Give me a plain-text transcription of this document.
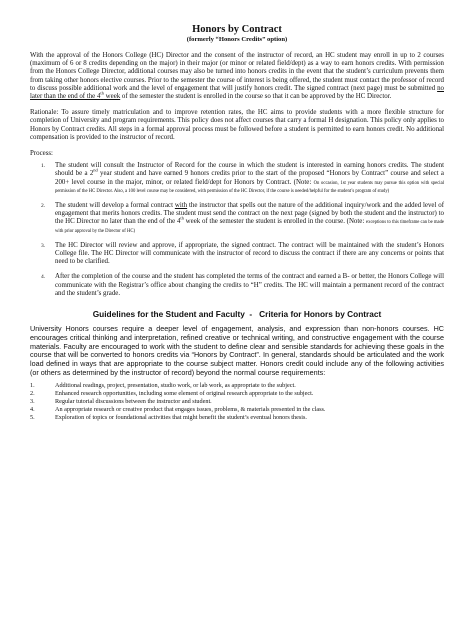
Honors by Contract
(formerly “Honors Credits” option)

With the approval of the Honors College (HC) Director and the consent of the instructor of record, an HC student may enroll in up to 2 courses (maximum of 6 or 8 credits depending on the major) in their major (or minor or related field/dept) as a way to earn honors credits. With permission from the Honors College Director, additional courses may also be turned into honors credits in the event that the student’s curriculum prevents them from taking other honors elective courses. Prior to the semester the course of interest is being offered, the student must contact the professor of record to discuss possible additional work and the level of engagement that will justify honors credit. The signed contract (next page) must be submitted no later than the end of the 4th week of the semester the student is enrolled in the course so that it can be approved by the HC Director.

Rationale: To assure timely matriculation and to improve retention rates, the HC aims to provide students with a more flexible structure for completion of University and program requirements. This policy does not affect courses that carry a formal H designation. This policy only applies to Honors by Contract credits. All steps in a formal approval process must be followed before a student is permitted to earn honors credit. No additional compensation is provided to the instructor of record.

Process:
1. The student will consult the Instructor of Record for the course in which the student is interested in earning honors credits. The student should be a 2nd year student and have earned 9 honors credits prior to the start of the proposed “Honors by Contract” course and select a 200+ level course in the major, minor, or related field/dept for Honors by Contract. (Note: On occasion, 1st year students may pursue this option with special permission of the HC Director. Also, a 100 level course may be considered, with permission of the HC Director, if the course is needed/helpful for the student’s program of study)

2. The student will develop a formal contract with the instructor that spells out the nature of the additional inquiry/work and the added level of engagement that merits honors credits. The student must send the contract on the next page (signed by both the student and the instructor) to the HC Director no later than the end of the 4th week of the semester the student is enrolled in the course. (Note: exceptions to this timeframe can be made with prior approval by the Director of HC)

3. The HC Director will review and approve, if appropriate, the signed contract. The contract will be maintained with the student’s Honors College file. The HC Director will communicate with the instructor of record to discuss the contract if there are any concerns or points that need to be clarified.

4. After the completion of the course and the student has completed the terms of the contract and earned a B- or better, the Honors College will communicate with the Registrar’s office about changing the credits to “H” credits. The HC will maintain a permanent record of the contract and the student’s grade.

Guidelines for the Student and Faculty  -   Criteria for Honors by Contract

University Honors courses require a deeper level of engagement, analysis, and expression than non-honors courses. HC encourages critical thinking and interpretation, refined creative or technical writing, and constructive engagement with the course materials. Faculty are encouraged to work with the student to define clear and sensible standards for achieving these goals in the course that will be converted to honors credits via “Honors by Contract”. In general, standards should be articulated and the work load defined in ways that are appropriate to the course subject matter. Honors credit could include any of the following activities (or others as determined by the instructor of record) beyond the normal course requirements:

1.	Additional readings, project, presentation, studio work, or lab work, as appropriate to the subject.
2.	Enhanced research opportunities, including some element of original research appropriate to the subject.
3.	Regular tutorial discussions between the instructor and student.
4.	An appropriate research or creative product that engages issues, problems, & materials presented in the class.
5.	Exploration of topics or foundational activities that might benefit the student’s eventual honors thesis.
